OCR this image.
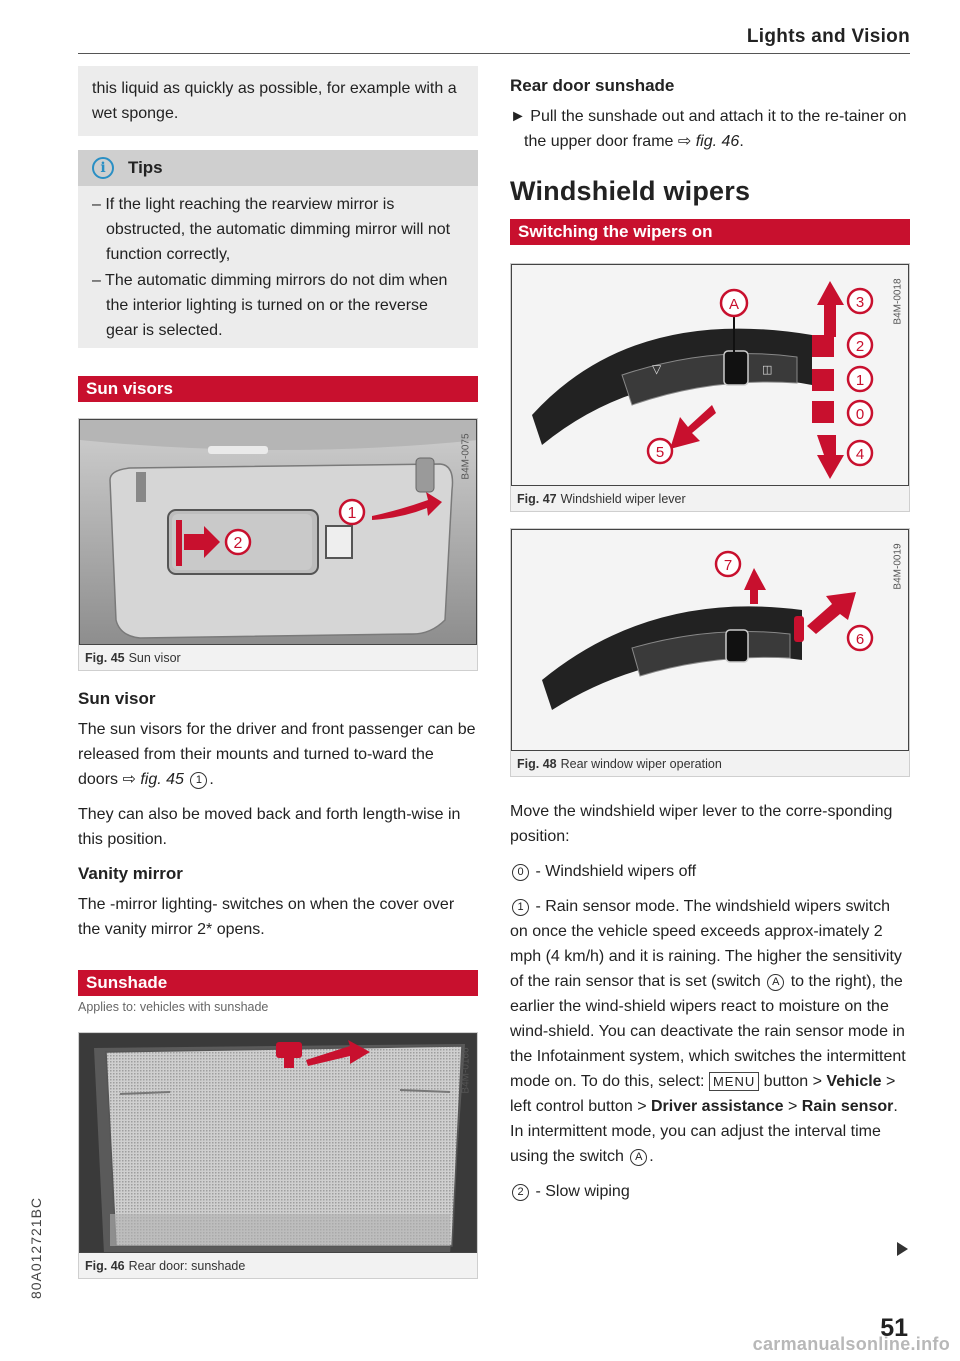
Lights and Vision
80A012721BC
this liquid as quickly as possible, for example with a wet sponge.
i	Tips
– If the light reaching the rearview mirror is obstructed, the automatic dimming mirror will not function correctly,
– The automatic dimming mirrors do not dim when the interior lighting is turned on or the reverse gear is selected.
Sun visors
2
1
B4M-0075
Fig. 45 Sun visor
Sun visor

The sun visors for the driver and front passenger can be released from their mounts and turned to-ward the doors ⇨ fig. 45 1 .

They can also be moved back and forth length-wise in this position.

Vanity mirror

The -mirror lighting- switches on when the cover over the vanity mirror 2* opens.

Sunshade
Applies to: vehicles with sunshade
B4M-0166
Fig. 46 Rear door: sunshade
Rear door sunshade

► Pull the sunshade out and attach it to the re-tainer on the upper door frame ⇨ fig. 46.

Windshield wipers
Switching the wipers on
▽	◫
A	3
2
1
0
4
5
B4M-0018
Fig. 47 Windshield wiper lever
7
6
B4M-0019
Fig. 48 Rear window wiper operation

Move the windshield wiper lever to the corre-sponding position:

0 - Windshield wipers off

1 - Rain sensor mode. The windshield wipers switch on once the vehicle speed exceeds approx-imately 2 mph (4 km/h) and it is raining. The higher the sensitivity of the rain sensor that is set (switch A to the right), the earlier the wind-shield wipers react to moisture on the wind-shield. You can deactivate the rain sensor mode in the Infotainment system, which switches the intermittent mode on. To do this, select: MENU button > Vehicle > left control button > Driver assistance > Rain sensor. In intermittent mode, you can adjust the interval time using the switch A .

2 - Slow wiping

51
carmanualsonline.info
